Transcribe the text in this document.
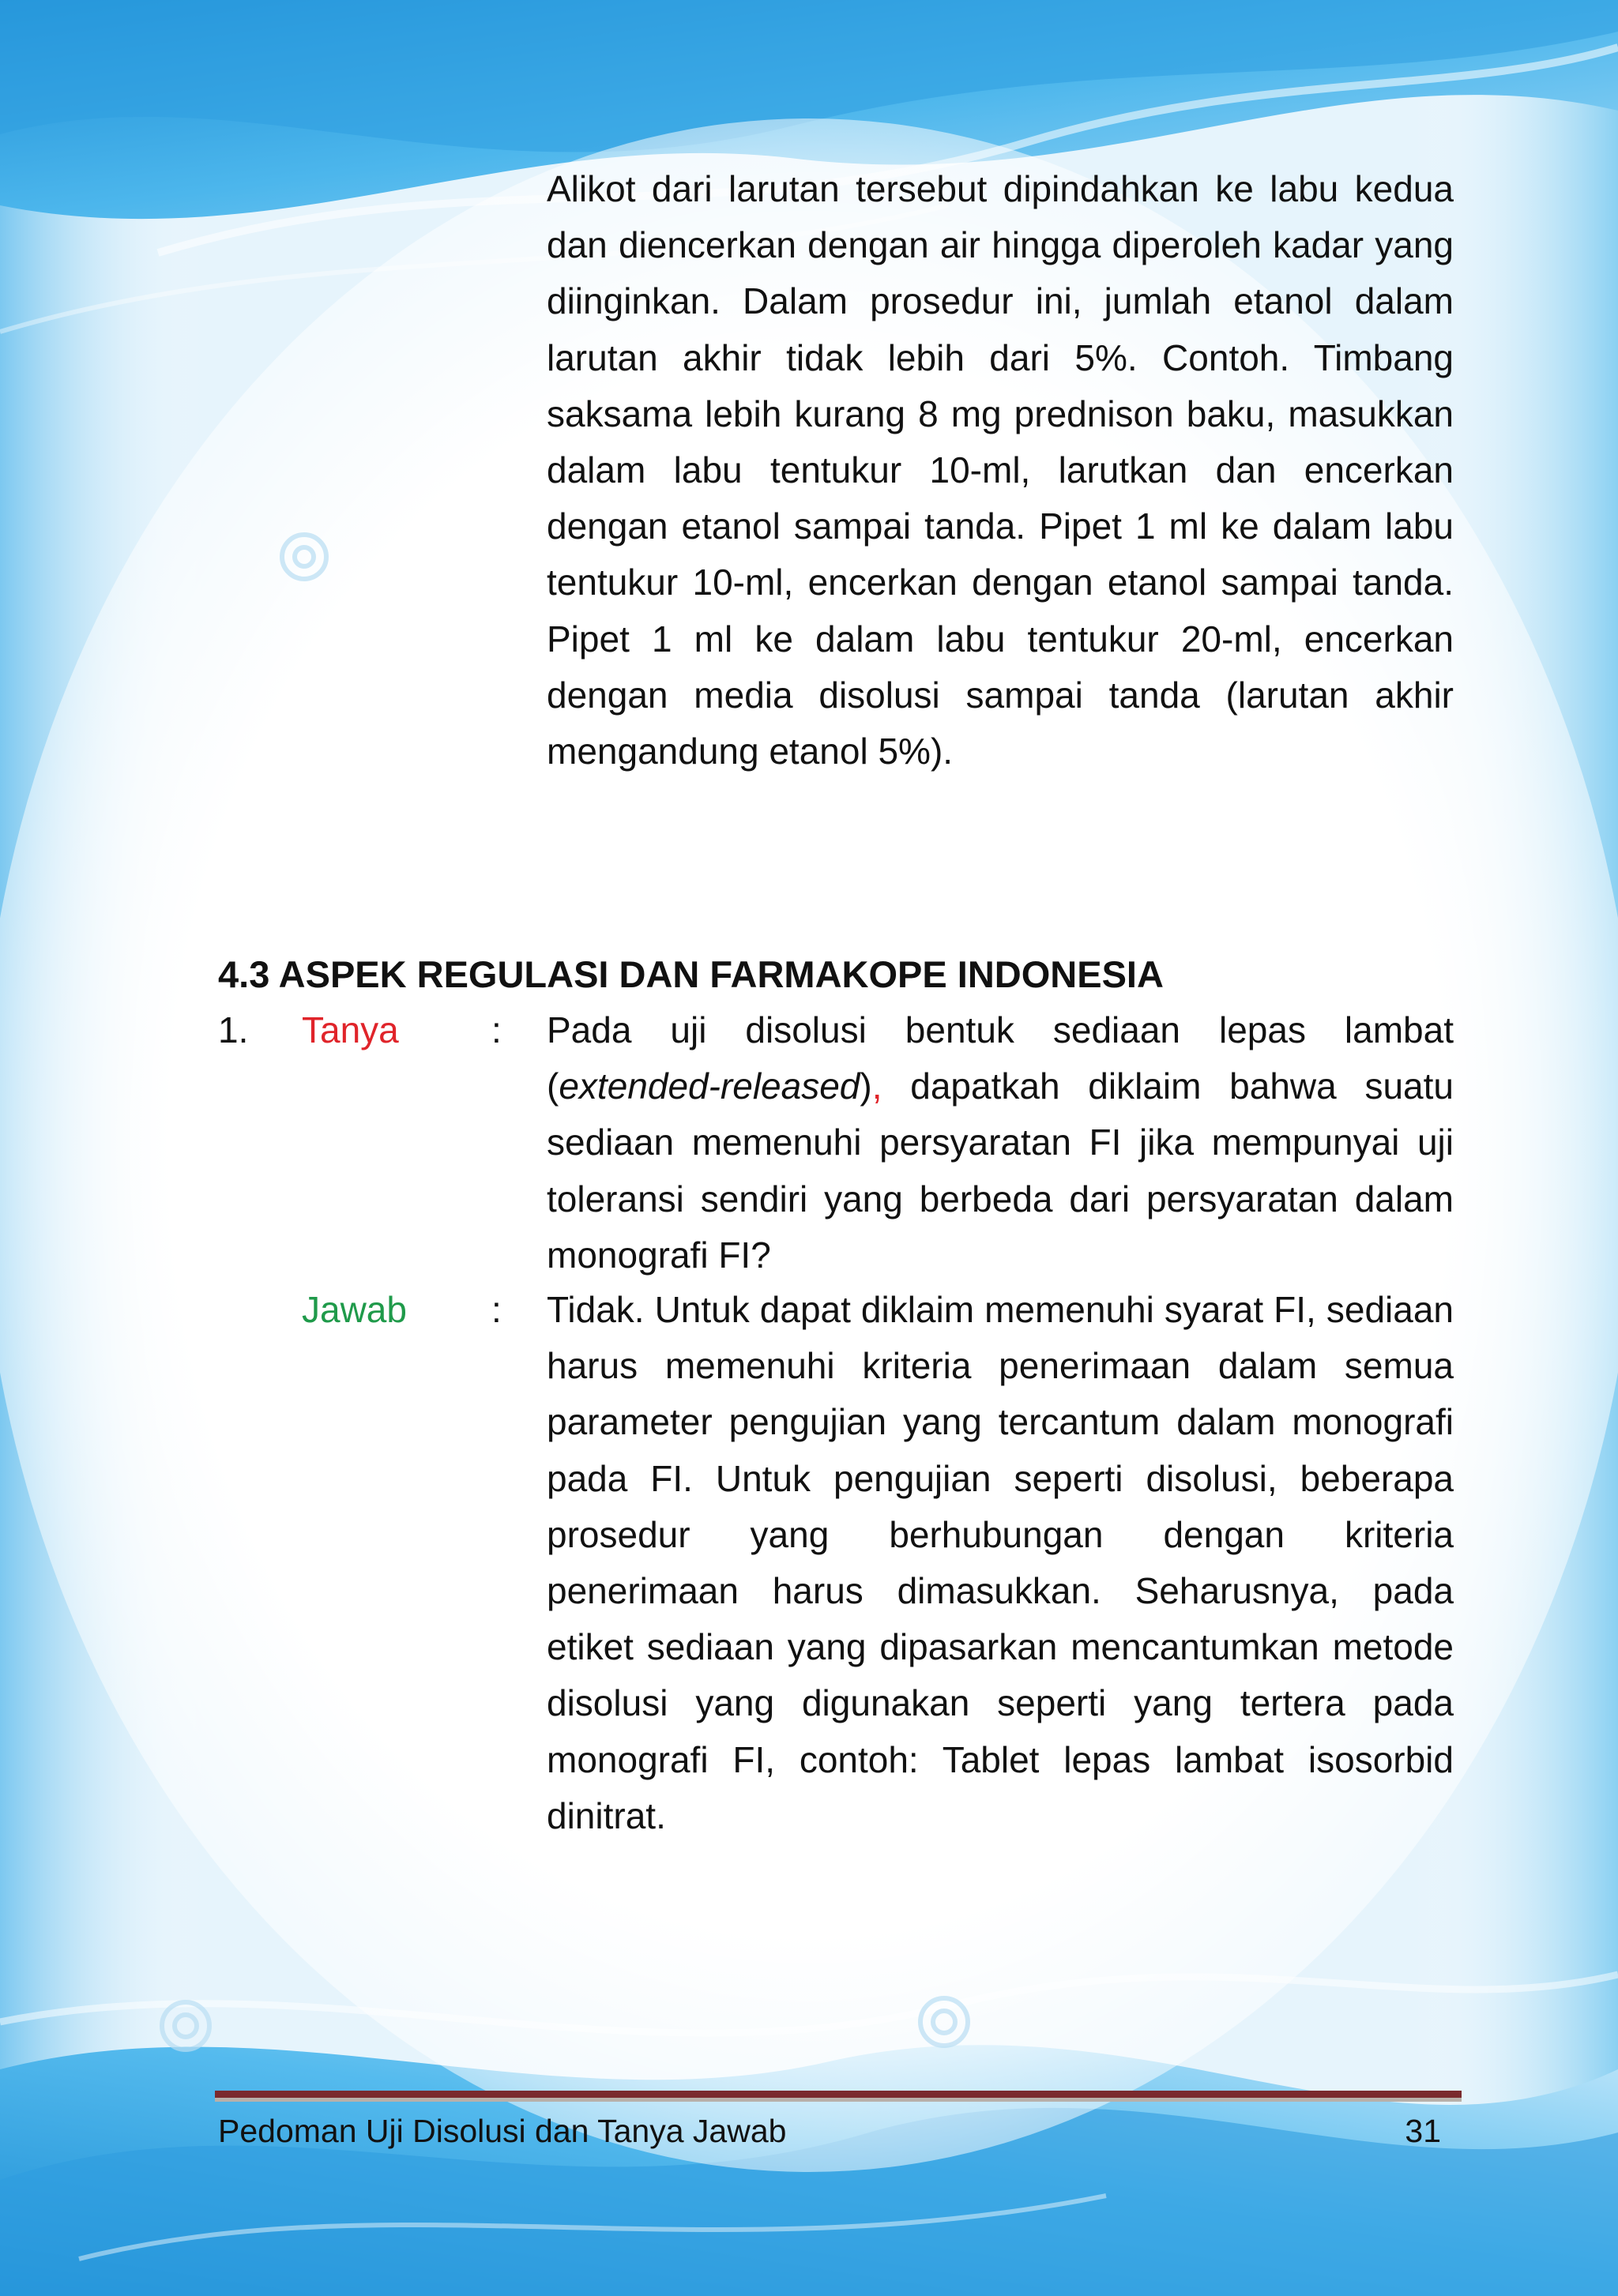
Alikot dari larutan tersebut dipindahkan ke labu kedua dan diencerkan dengan air hingga diperoleh kadar yang diinginkan. Dalam prosedur ini, jumlah etanol dalam larutan akhir tidak lebih dari 5%. Contoh. Timbang saksama lebih kurang 8 mg prednison baku, masukkan dalam labu tentukur 10-ml, larutkan dan encerkan dengan etanol sampai tanda. Pipet 1 ml ke dalam labu tentukur 10-ml, encerkan dengan etanol sampai tanda. Pipet 1 ml ke dalam labu tentukur 20-ml, encerkan dengan media disolusi sampai tanda (larutan akhir mengandung etanol 5%).

4.3 ASPEK REGULASI DAN FARMAKOPE INDONESIA
1. Tanya	: Pada uji disolusi bentuk sediaan lepas lambat (extended-released), dapatkah diklaim bahwa suatu sediaan memenuhi persyaratan FI jika mempunyai uji toleransi sendiri yang berbeda dari persyaratan dalam monografi FI?

Jawab : Tidak. Untuk dapat diklaim memenuhi syarat FI, sediaan harus memenuhi kriteria penerimaan dalam semua parameter pengujian yang tercantum dalam monografi pada FI. Untuk pengujian seperti disolusi, beberapa prosedur yang berhubungan dengan kriteria penerimaan harus dimasukkan. Seharusnya, pada etiket sediaan yang dipasarkan mencantumkan metode disolusi yang digunakan seperti yang tertera pada monografi FI, contoh: Tablet lepas lambat isosorbid dinitrat.

Pedoman Uji Disolusi dan Tanya Jawab	31
